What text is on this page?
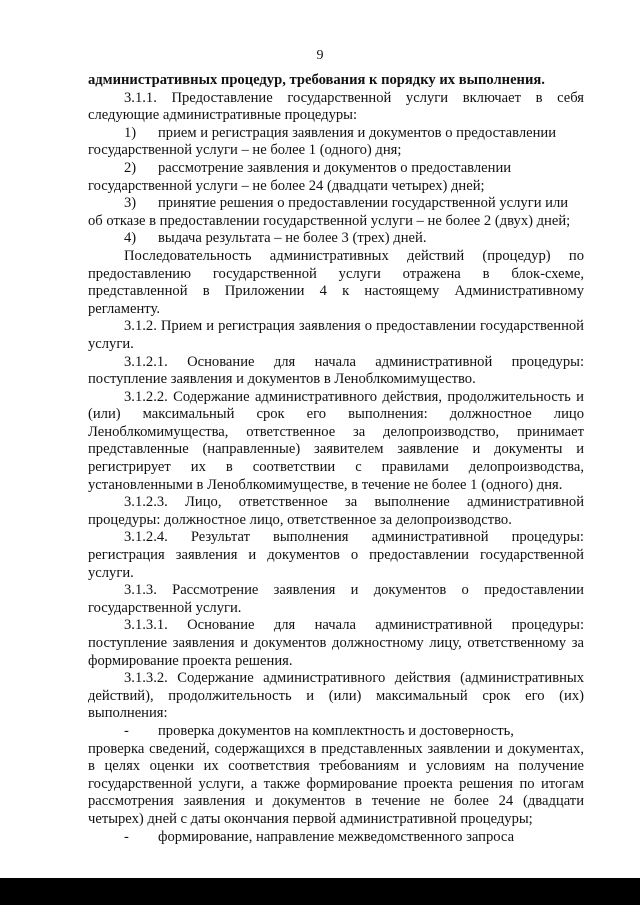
9

административных процедур, требования к порядку их выполнения.

3.1.1. Предоставление государственной услуги включает в себя следующие административные процедуры:

1)	прием и регистрация заявления и документов о предоставлении
государственной услуги – не более 1 (одного) дня;
2)	рассмотрение заявления и документов о предоставлении
государственной услуги – не более 24 (двадцати четырех) дней;
3)	принятие решения о предоставлении государственной услуги или
об отказе в предоставлении государственной услуги – не более 2 (двух) дней;
4)	выдача результата – не более 3 (трех) дней.

Последовательность административных действий (процедур) по предоставлению государственной услуги отражена в блок-схеме, представленной в Приложении 4 к настоящему Административному регламенту.

3.1.2. Прием и регистрация заявления о предоставлении государственной услуги.

3.1.2.1. Основание для начала административной процедуры: поступление заявления и документов в Леноблкомимущество.

3.1.2.2. Содержание административного действия, продолжительность и (или) максимальный срок его выполнения: должностное лицо Леноблкомимущества, ответственное за делопроизводство, принимает представленные (направленные) заявителем заявление и документы и регистрирует их в соответствии с правилами делопроизводства, установленными в Леноблкомимуществе, в течение не более 1 (одного) дня.

3.1.2.3. Лицо, ответственное за выполнение административной процедуры: должностное лицо, ответственное за делопроизводство.

3.1.2.4. Результат выполнения административной процедуры: регистрация заявления и документов о предоставлении государственной услуги.

3.1.3. Рассмотрение заявления и документов о предоставлении государственной услуги.

3.1.3.1. Основание для начала административной процедуры: поступление заявления и документов должностному лицу, ответственному за формирование проекта решения.

3.1.3.2. Содержание административного действия (административных действий), продолжительность и (или) максимальный срок его (их) выполнения:

-	проверка документов на комплектность и достоверность,
проверка сведений, содержащихся в представленных заявлении и документах, в целях оценки их соответствия требованиям и условиям на получение государственной услуги, а также формирование проекта решения по итогам рассмотрения заявления и документов в течение не более 24 (двадцати четырех) дней с даты окончания первой административной процедуры;
-	формирование, направление межведомственного запроса
